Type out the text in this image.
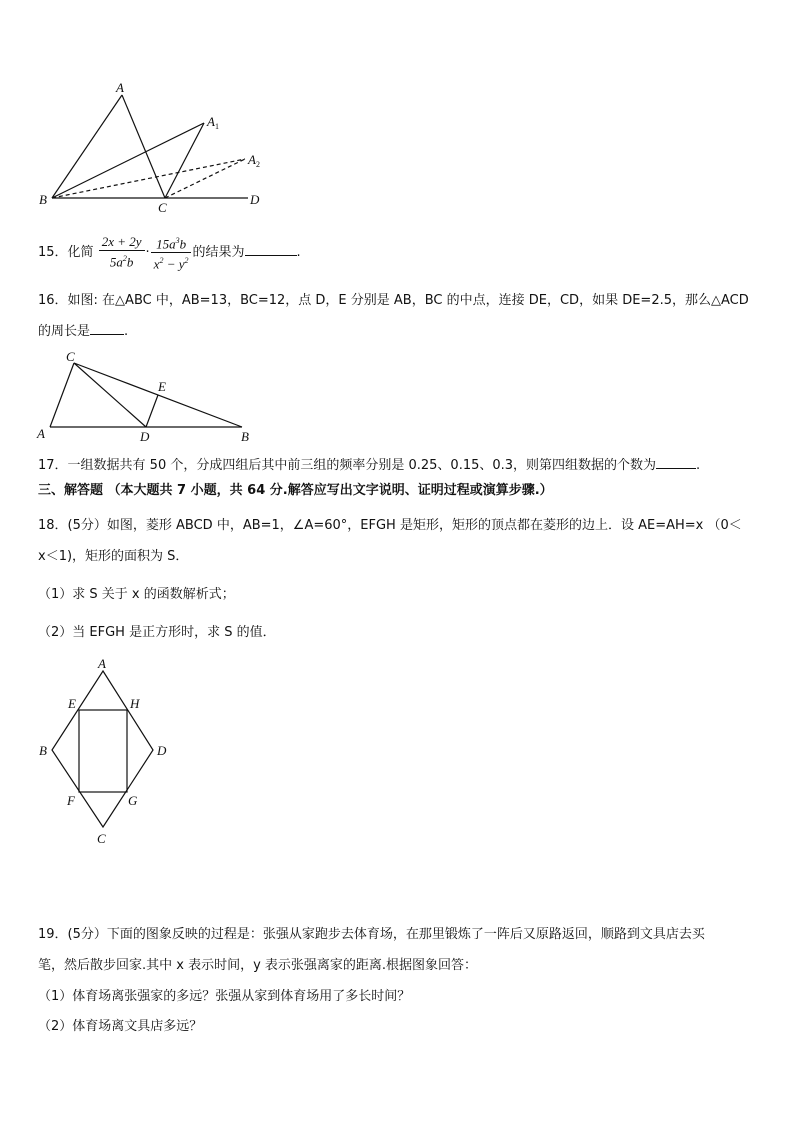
A
$A_1$
$A_2$
B
C
D
15．化简 $\frac{2x + 2y}{5a^2b} \cdot \frac{15a^3b}{x^2 - y^2}$ 的结果为	.
16．如图: 在△ABC 中，AB=13，BC=12，点 D，E 分别是 AB，BC 的中点，连接 DE，CD，如果 DE=2.5，那么△ACD
的周长是	.
C
E
A	D	B
17．一组数据共有 50 个，分成四组后其中前三组的频率分别是 0.25、0.15、0.3，则第四组数据的个数为	.
三、解答题 （本大题共 7 小题，共 64 分.解答应写出文字说明、证明过程或演算步骤.）
18．(5分）如图，菱形 ABCD 中，AB=1，∠A=60°，EFGH 是矩形，矩形的顶点都在菱形的边上．设 AE=AH=x （0＜
x＜1)，矩形的面积为 S．
（1）求 S 关于 x 的函数解析式；
（2）当 EFGH 是正方形时，求 S 的值．
A
E	H
B	D
F	G
C
19．(5分）下面的图象反映的过程是：张强从家跑步去体育场，在那里锻炼了一阵后又原路返回，顺路到文具店去买
笔，然后散步回家.其中 x 表示时间，y 表示张强离家的距离.根据图象回答：
（1）体育场离张强家的多远？张强从家到体育场用了多长时间？
（2）体育场离文具店多远？
